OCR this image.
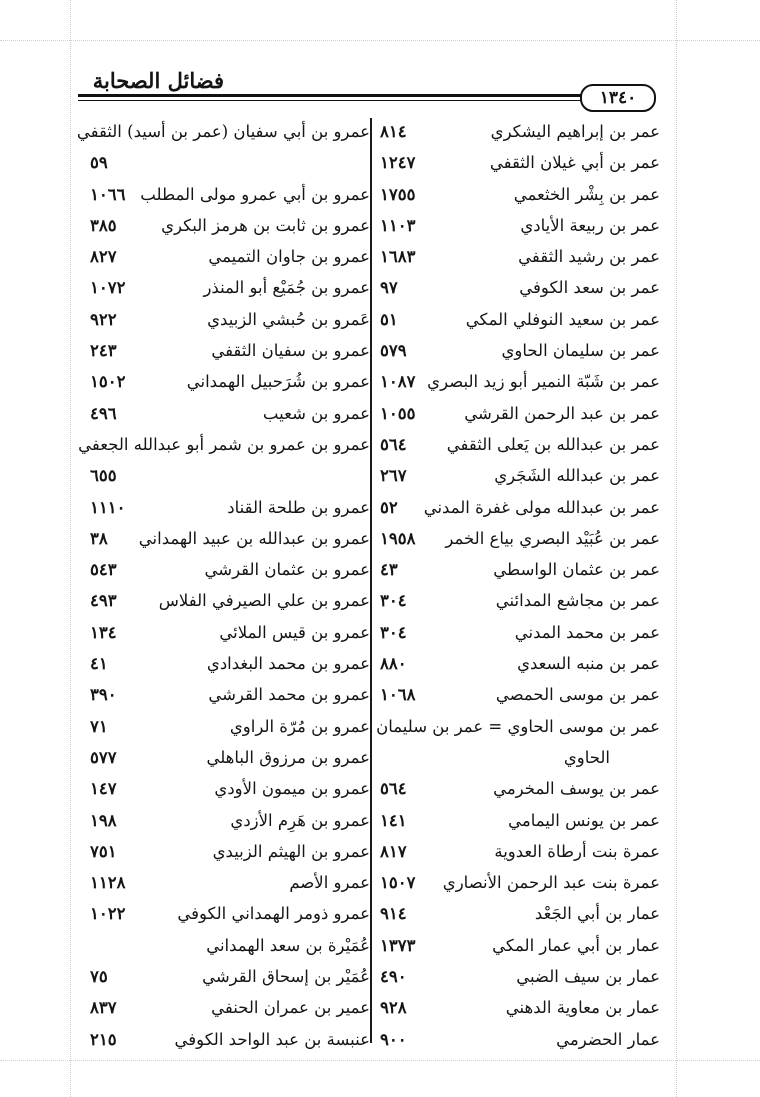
فضائل الصحابة
١٣٤٠
عمر بن إبراهيم اليشكري
٨١٤
عمر بن أبي غيلان الثقفي
١٢٤٧
عمر بن بِشْر الخثعمي
١٧٥٥
عمر بن ربيعة الأيادي
١١٠٣
عمر بن رشيد الثقفي
١٦٨٣
عمر بن سعد الكوفي
٩٧
عمر بن سعيد النوفلي المكي
٥١
عمر بن سليمان الحاوي
٥٧٩
عمر بن شَبّة النمير أبو زيد البصري
١٠٨٧
عمر بن عبد الرحمن القرشي
١٠٥٥
عمر بن عبدالله بن يَعلى الثقفي
٥٦٤
عمر بن عبدالله الشَجَري
٢٦٧
عمر بن عبدالله مولى غفرة المدني
٥٢
عمر بن عُبَيْد البصري بياع الخمر
١٩٥٨
عمر بن عثمان الواسطي
٤٣
عمر بن مجاشع المدائني
٣٠٤
عمر بن محمد المدني
٣٠٤
عمر بن منبه السعدي
٨٨٠
عمر بن موسى الحمصي
١٠٦٨
عمر بن موسى الحاوي = عمر بن سليمان
الحاوي
عمر بن يوسف المخرمي
٥٦٤
عمر بن يونس اليمامي
١٤١
عمرة بنت أرطاة العدوية
٨١٧
عمرة بنت عبد الرحمن الأنصاري
١٥٠٧
عمار بن أبي الجَعْد
٩١٤
عمار بن أبي عمار المكي
١٣٧٣
عمار بن سيف الضبي
٤٩٠
عمار بن معاوية الدهني
٩٢٨
عمار الحضرمي
٩٠٠
عمرو بن أبي سفيان (عمر بن أسيد) الثقفي
٥٩
عمرو بن أبي عمرو مولى المطلب
١٠٦٦
عمرو بن ثابت بن هرمز البكري
٣٨٥
عمرو بن جاوان التميمي
٨٢٧
عمرو بن جُمَيْع أبو المنذر
١٠٧٢
عَمرو بن حُبشي الزبيدي
٩٢٢
عمرو بن سفيان الثقفي
٢٤٣
عمرو بن شُرَحبيل الهمداني
١٥٠٢
عمرو بن شعيب
٤٩٦
عمرو بن عمرو بن شمر أبو عبدالله الجعفي
٦٥٥
عمرو بن طلحة القناد
١١١٠
عمرو بن عبدالله بن عبيد الهمداني
٣٨
عمرو بن عثمان القرشي
٥٤٣
عمرو بن علي الصيرفي الفلاس
٤٩٣
عمرو بن قيس الملائي
١٣٤
عمرو بن محمد البغدادي
٤١
عمرو بن محمد القرشي
٣٩٠
عمرو بن مُرّة الراوي
٧١
عمرو بن مرزوق الباهلي
٥٧٧
عمرو بن ميمون الأودي
١٤٧
عمرو بن هَرِم الأزدي
١٩٨
عمرو بن الهيثم الزبيدي
٧٥١
عمرو الأصم
١١٢٨
عمرو ذومر الهمداني الكوفي
١٠٢٢
عُمَيْرة بن سعد الهمداني
عُمَيْر بن إسحاق القرشي
٧٥
عمير بن عمران الحنفي
٨٣٧
عنبسة بن عبد الواحد الكوفي
٢١٥
